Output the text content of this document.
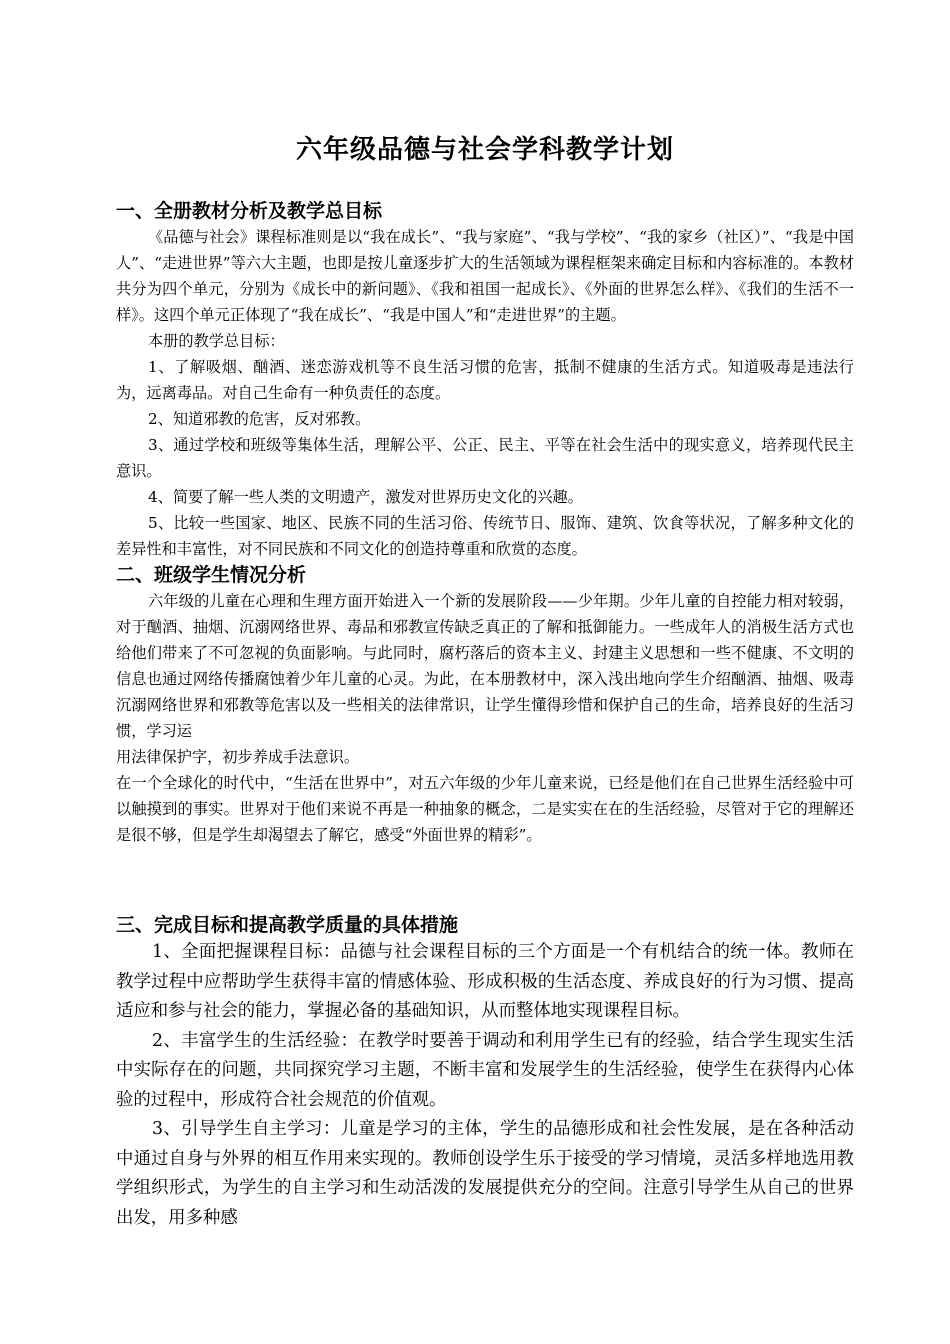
六年级品德与社会学科教学计划

一、全册教材分析及教学总目标

《品德与社会》课程标准则是以“我在成长”、“我与家庭”、“我与学校”、“我的家乡（社区）”、“我是中国人”、“走进世界”等六大主题，也即是按儿童逐步扩大的生活领域为课程框架来确定目标和内容标准的。本教材共分为四个单元，分别为《成长中的新问题》、《我和祖国一起成长》、《外面的世界怎么样》、《我们的生活不一样》。这四个单元正体现了“我在成长”、“我是中国人”和“走进世界”的主题。

本册的教学总目标：

1、了解吸烟、酗酒、迷恋游戏机等不良生活习惯的危害，抵制不健康的生活方式。知道吸毒是违法行为，远离毒品。对自己生命有一种负责任的态度。

2、知道邪教的危害，反对邪教。

3、通过学校和班级等集体生活，理解公平、公正、民主、平等在社会生活中的现实意义，培养现代民主意识。

4、简要了解一些人类的文明遗产，激发对世界历史文化的兴趣。

5、比较一些国家、地区、民族不同的生活习俗、传统节日、服饰、建筑、饮食等状况，了解多种文化的差异性和丰富性，对不同民族和不同文化的创造持尊重和欣赏的态度。

二、班级学生情况分析

六年级的儿童在心理和生理方面开始进入一个新的发展阶段——少年期。少年儿童的自控能力相对较弱，对于酗酒、抽烟、沉溺网络世界、毒品和邪教宣传缺乏真正的了解和抵御能力。一些成年人的消极生活方式也给他们带来了不可忽视的负面影响。与此同时，腐朽落后的资本主义、封建主义思想和一些不健康、不文明的信息也通过网络传播腐蚀着少年儿童的心灵。为此，在本册教材中，深入浅出地向学生介绍酗酒、抽烟、吸毒沉溺网络世界和邪教等危害以及一些相关的法律常识，让学生懂得珍惜和保护自己的生命，培养良好的生活习惯，学习运

用法律保护字，初步养成手法意识。

在一个全球化的时代中，“生活在世界中”，对五六年级的少年儿童来说，已经是他们在自己世界生活经验中可以触摸到的事实。世界对于他们来说不再是一种抽象的概念，二是实实在在的生活经验，尽管对于它的理解还是很不够，但是学生却渴望去了解它，感受“外面世界的精彩”。

三、完成目标和提高教学质量的具体措施

1、全面把握课程目标：品德与社会课程目标的三个方面是一个有机结合的统一体。教师在教学过程中应帮助学生获得丰富的情感体验、形成积极的生活态度、养成良好的行为习惯、提高适应和参与社会的能力，掌握必备的基础知识，从而整体地实现课程目标。

2、丰富学生的生活经验：在教学时要善于调动和利用学生已有的经验，结合学生现实生活中实际存在的问题，共同探究学习主题，不断丰富和发展学生的生活经验，使学生在获得内心体验的过程中，形成符合社会规范的价值观。

3、引导学生自主学习：儿童是学习的主体，学生的品德形成和社会性发展，是在各种活动中通过自身与外界的相互作用来实现的。教师创设学生乐于接受的学习情境，灵活多样地选用教学组织形式，为学生的自主学习和生动活泼的发展提供充分的空间。注意引导学生从自己的世界出发，用多种感
